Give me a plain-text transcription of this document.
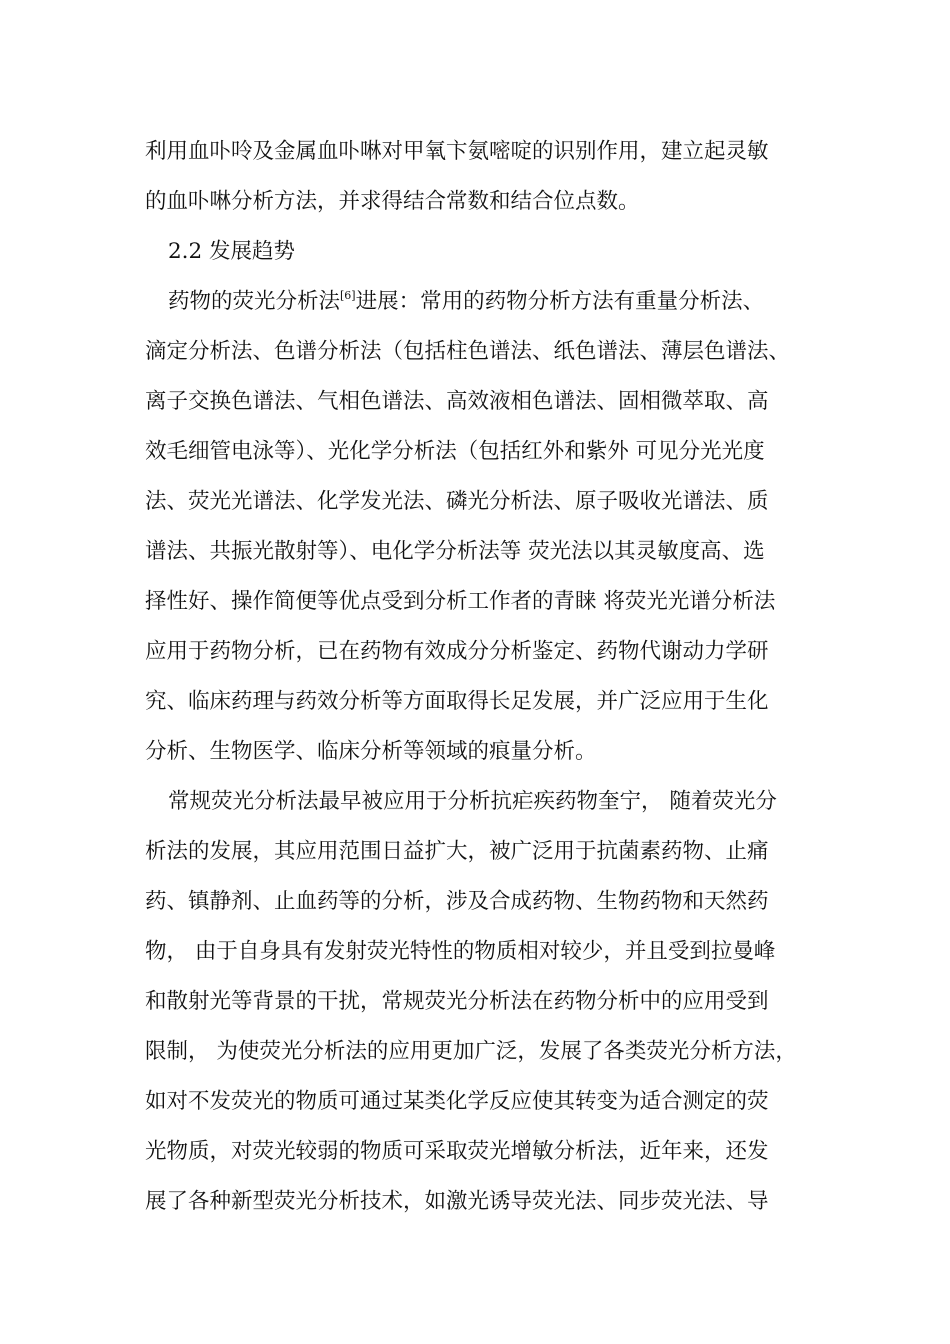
利用血卟呤及金属血卟啉对甲氧卞氨嘧啶的识别作用，建立起灵敏
的血卟啉分析方法，并求得结合常数和结合位点数。
2.2 发展趋势
药物的荧光分析法[6]进展：常用的药物分析方法有重量分析法、
滴定分析法、色谱分析法（包括柱色谱法、纸色谱法、薄层色谱法、
离子交换色谱法、气相色谱法、高效液相色谱法、固相微萃取、高
效毛细管电泳等）、光化学分析法（包括红外和紫外 可见分光光度
法、荧光光谱法、化学发光法、磷光分析法、原子吸收光谱法、质
谱法、共振光散射等）、电化学分析法等 荧光法以其灵敏度高、选
择性好、操作简便等优点受到分析工作者的青睐 将荧光光谱分析法
应用于药物分析，已在药物有效成分分析鉴定、药物代谢动力学研
究、临床药理与药效分析等方面取得长足发展，并广泛应用于生化
分析、生物医学、临床分析等领域的痕量分析。
常规荧光分析法最早被应用于分析抗疟疾药物奎宁， 随着荧光分
析法的发展，其应用范围日益扩大，被广泛用于抗菌素药物、止痛
药、镇静剂、止血药等的分析，涉及合成药物、生物药物和天然药
物， 由于自身具有发射荧光特性的物质相对较少，并且受到拉曼峰
和散射光等背景的干扰，常规荧光分析法在药物分析中的应用受到
限制， 为使荧光分析法的应用更加广泛，发展了各类荧光分析方法，
如对不发荧光的物质可通过某类化学反应使其转变为适合测定的荧
光物质，对荧光较弱的物质可采取荧光增敏分析法，近年来，还发
展了各种新型荧光分析技术，如激光诱导荧光法、同步荧光法、导
